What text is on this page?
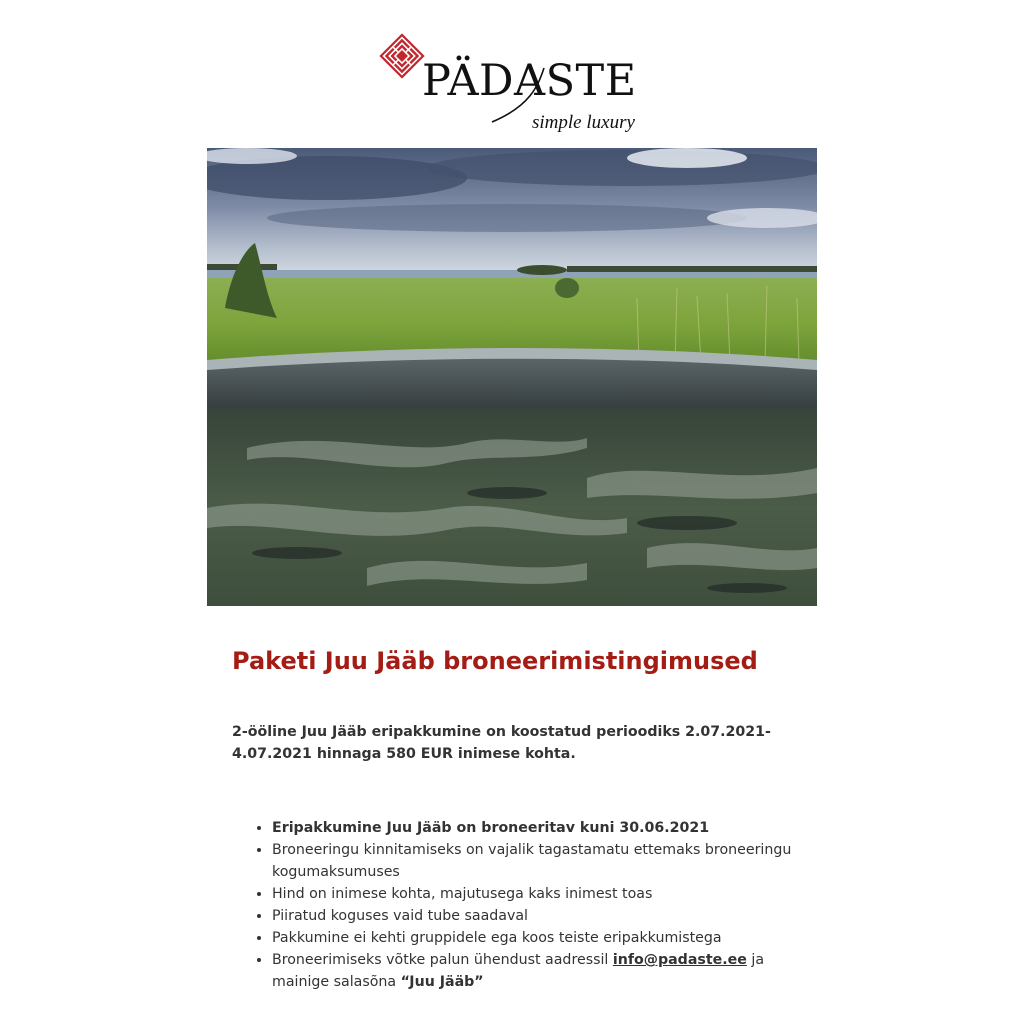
PÄDASTE
simple luxury
Paketi Juu Jääb broneerimistingimused

2-ööline Juu Jääb eripakkumine on koostatud perioodiks 2.07.2021-4.07.2021 hinnaga 580 EUR inimese kohta.

• Eripakkumine Juu Jääb on broneeritav kuni 30.06.2021
• Broneeringu kinnitamiseks on vajalik tagastamatu ettemaks broneeringu kogumaksumuses
• Hind on inimese kohta, majutusega kaks inimest toas
• Piiratud koguses vaid tube saadaval
• Pakkumine ei kehti gruppidele ega koos teiste eripakkumistega
• Broneerimiseks võtke palun ühendust aadressil info@padaste.ee ja mainige salasõna “Juu Jääb”
